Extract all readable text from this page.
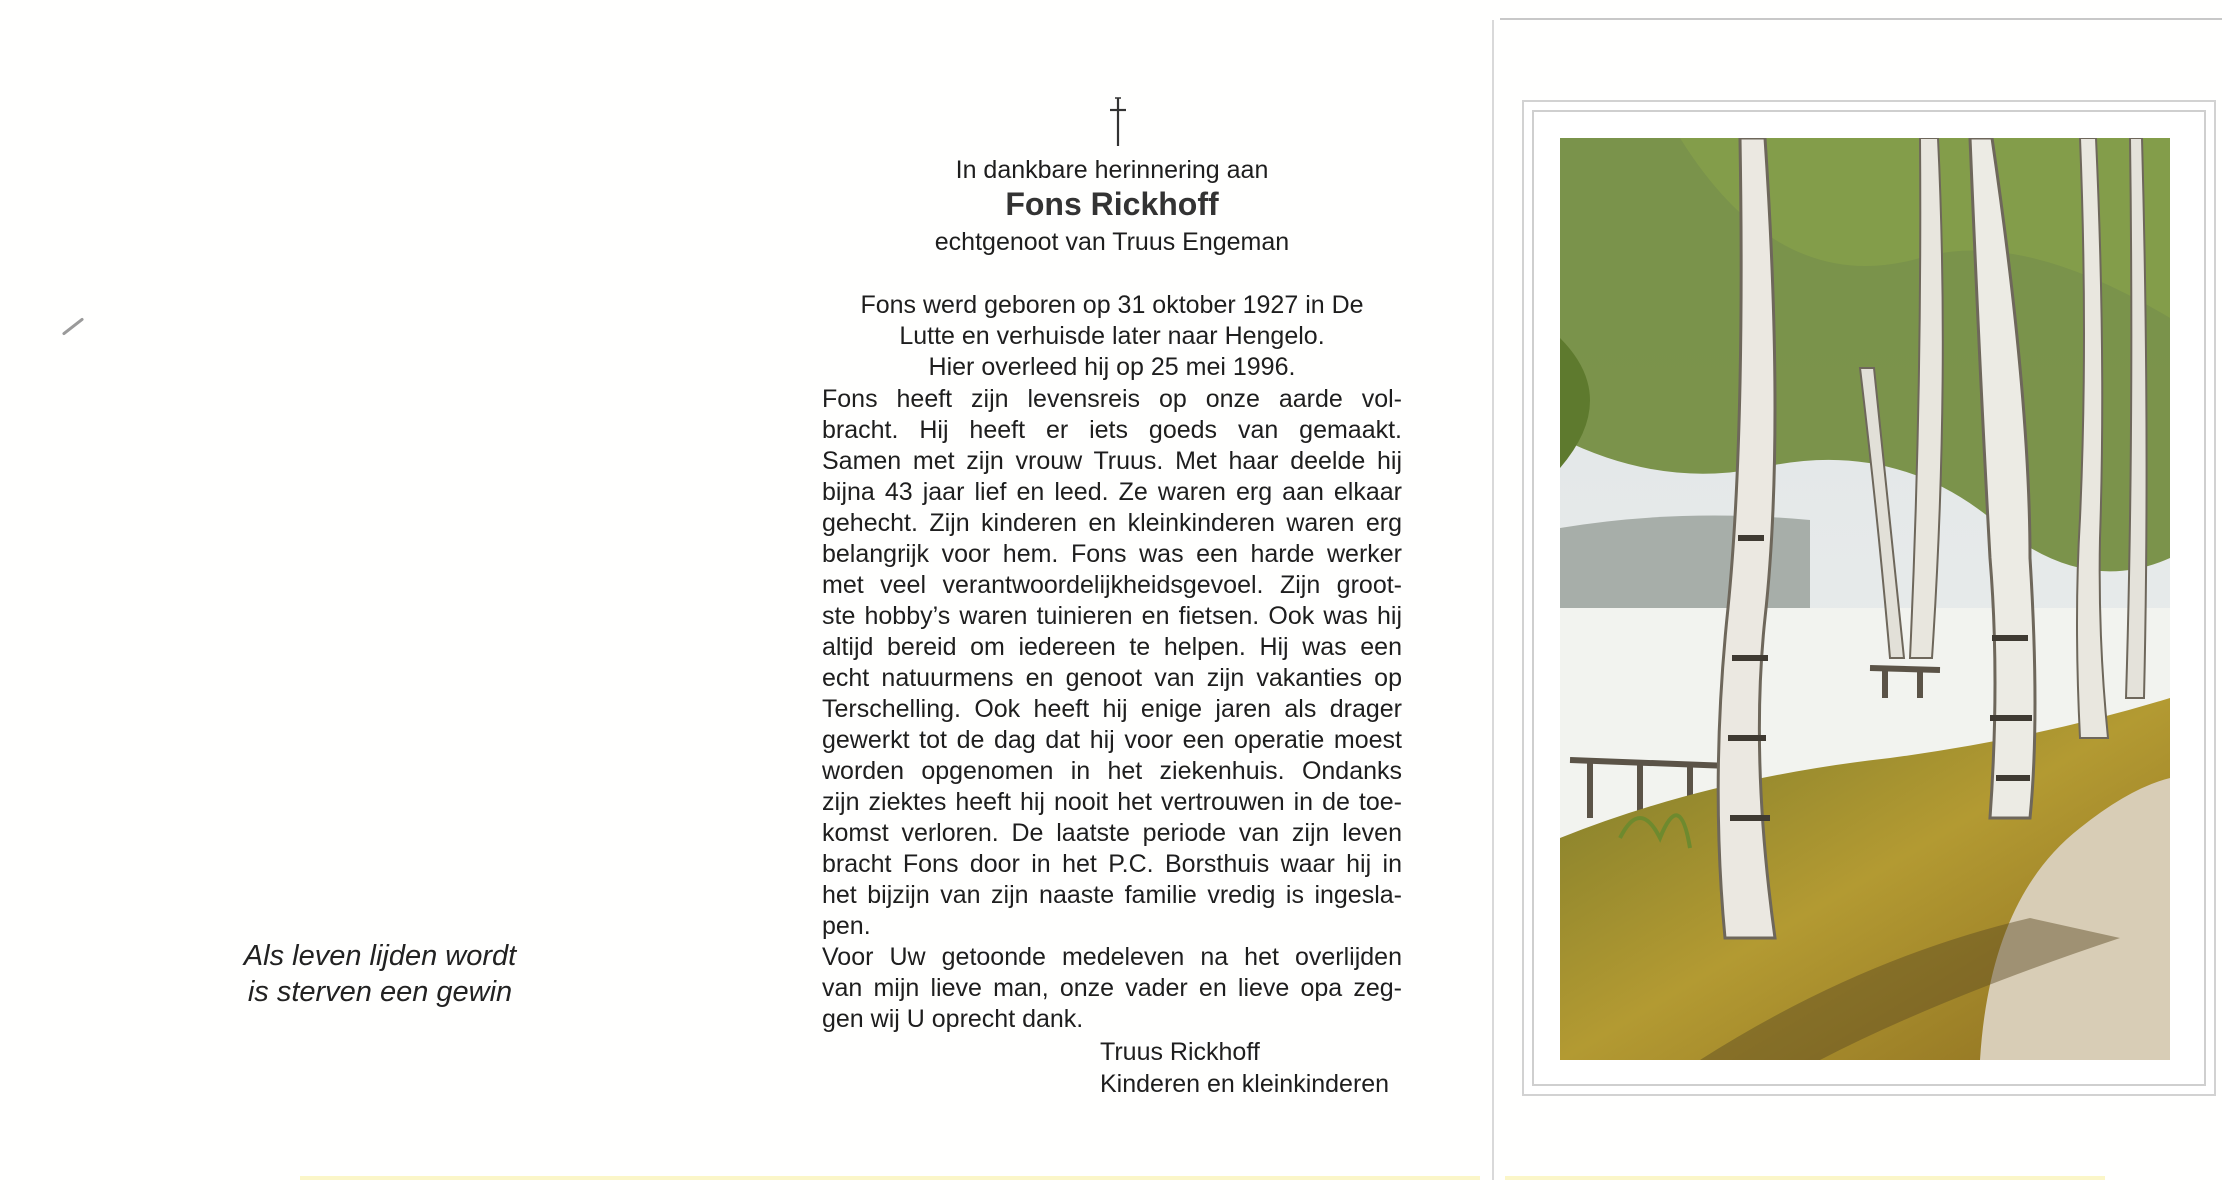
Als leven lijden wordt
is sterven een gewin
In dankbare herinnering aan
Fons Rickhoff
echtgenoot van Truus Engeman
Fons werd geboren op 31 oktober 1927 in De
Lutte en verhuisde later naar Hengelo.
Hier overleed hij op 25 mei 1996.
Fons heeft zijn levensreis op onze aarde vol-
bracht. Hij heeft er iets goeds van gemaakt.
Samen met zijn vrouw Truus. Met haar deelde hij
bijna 43 jaar lief en leed. Ze waren erg aan elkaar
gehecht. Zijn kinderen en kleinkinderen waren erg
belangrijk voor hem. Fons was een harde werker
met veel verantwoordelijkheidsgevoel. Zijn groot-
ste hobby’s waren tuinieren en fietsen. Ook was hij
altijd bereid om iedereen te helpen. Hij was een
echt natuurmens en genoot van zijn vakanties op
Terschelling. Ook heeft hij enige jaren als drager
gewerkt tot de dag dat hij voor een operatie moest
worden opgenomen in het ziekenhuis. Ondanks
zijn ziektes heeft hij nooit het vertrouwen in de toe-
komst verloren. De laatste periode van zijn leven
bracht Fons door in het P.C. Borsthuis waar hij in
het bijzijn van zijn naaste familie vredig is ingesla-
pen.
Voor Uw getoonde medeleven na het overlijden
van mijn lieve man, onze vader en lieve opa zeg-
gen wij U oprecht dank.
Truus Rickhoff
Kinderen en kleinkinderen
